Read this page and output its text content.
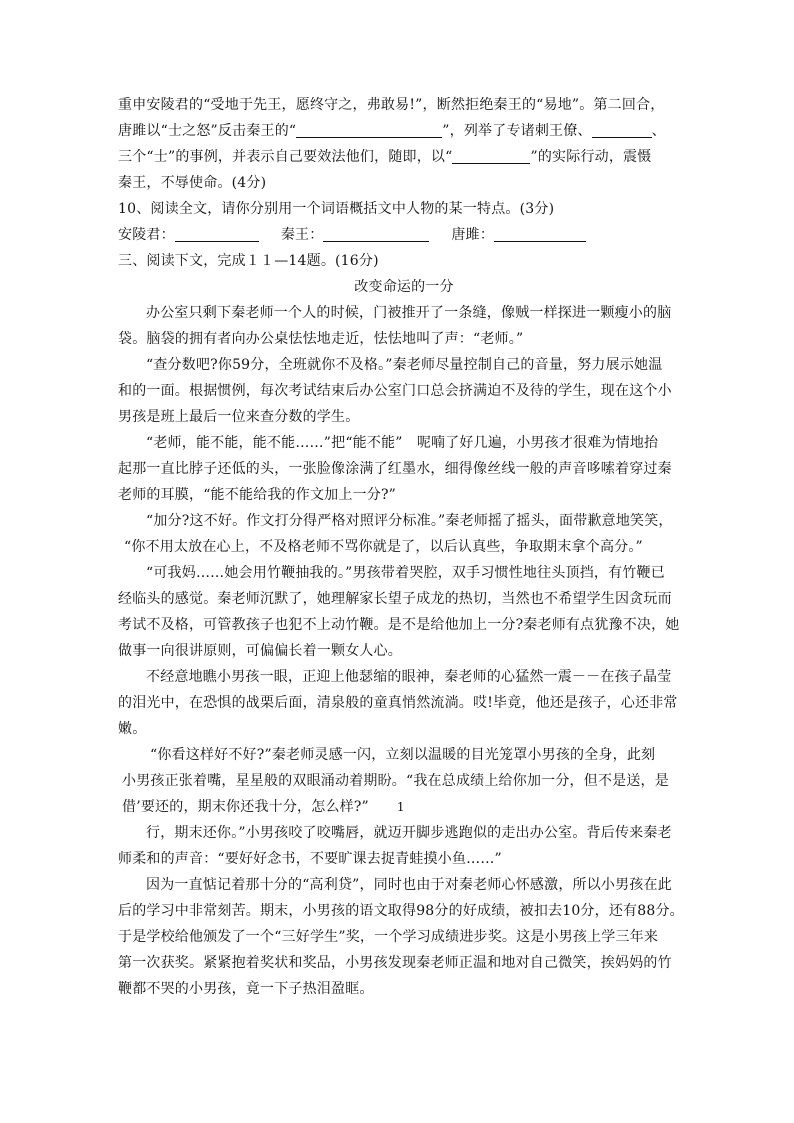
重申安陵君的“受地于先王，愿终守之，弗敢易!”，断然拒绝秦王的“易地”。第二回合，
唐雎以“士之怒”反击秦王的“	”，列举了专诸刺王僚、	、
三个“士”的事例，并表示自己要效法他们，随即，以“	”的实际行动，震慑
秦王，不辱使命。(4分)
10、阅读全文，请你分别用一个词语概括文中人物的某一特点。(3分)
安陵君：	秦王：	唐雎：
三、阅读下文，完成１１—14题。(16分)
改变命运的一分
办公室只剩下秦老师一个人的时候，门被推开了一条缝，像贼一样探进一颗瘦小的脑
袋。脑袋的拥有者向办公桌怯怯地走近，怯怯地叫了声：“老师。”
“查分数吧?你59分，全班就你不及格。”秦老师尽量控制自己的音量，努力展示她温
和的一面。根据惯例，每次考试结束后办公室门口总会挤满迫不及待的学生，现在这个小
男孩是班上最后一位来查分数的学生。
“老师，能不能，能不能……”把“能不能”　呢喃了好几遍，小男孩才很难为情地抬
起那一直比脖子还低的头，一张脸像涂满了红墨水，细得像丝线一般的声音哆嗦着穿过秦
老师的耳膜，“能不能给我的作文加上一分?”
“加分?这不好。作文打分得严格对照评分标准。”秦老师摇了摇头，面带歉意地笑笑，
“你不用太放在心上，不及格老师不骂你就是了，以后认真些，争取期末拿个高分。”
“可我妈……她会用竹鞭抽我的。”男孩带着哭腔，双手习惯性地往头顶挡，有竹鞭已
经临头的感觉。秦老师沉默了，她理解家长望子成龙的热切，当然也不希望学生因贪玩而
考试不及格，可管教孩子也犯不上动竹鞭。是不是给他加上一分?秦老师有点犹豫不决，她
做事一向很讲原则，可偏偏长着一颗女人心。
不经意地瞧小男孩一眼，正迎上他瑟缩的眼神，秦老师的心猛然一震－－在孩子晶莹
的泪光中，在恐惧的战栗后面，清泉般的童真悄然流淌。哎!毕竟，他还是孩子，心还非常
嫩。
“你看这样好不好?”秦老师灵感一闪，立刻以温暖的目光笼罩小男孩的全身，此刻
小男孩正张着嘴，星星般的双眼涌动着期盼。“我在总成绩上给你加一分，但不是送，是
借’要还的，期末你还我十分，怎么样?” 1
行，期末还你。”小男孩咬了咬嘴唇，就迈开脚步逃跑似的走出办公室。背后传来秦老
师柔和的声音：“要好好念书，不要旷课去捉青蛙摸小鱼……”
因为一直惦记着那十分的“高利贷”，同时也由于对秦老师心怀感激，所以小男孩在此
后的学习中非常刻苦。期末，小男孩的语文取得98分的好成绩，被扣去10分，还有88分。
于是学校给他颁发了一个“三好学生”奖，一个学习成绩进步奖。这是小男孩上学三年来
第一次获奖。紧紧抱着奖状和奖品，小男孩发现秦老师正温和地对自己微笑，挨妈妈的竹
鞭都不哭的小男孩，竟一下子热泪盈眶。
